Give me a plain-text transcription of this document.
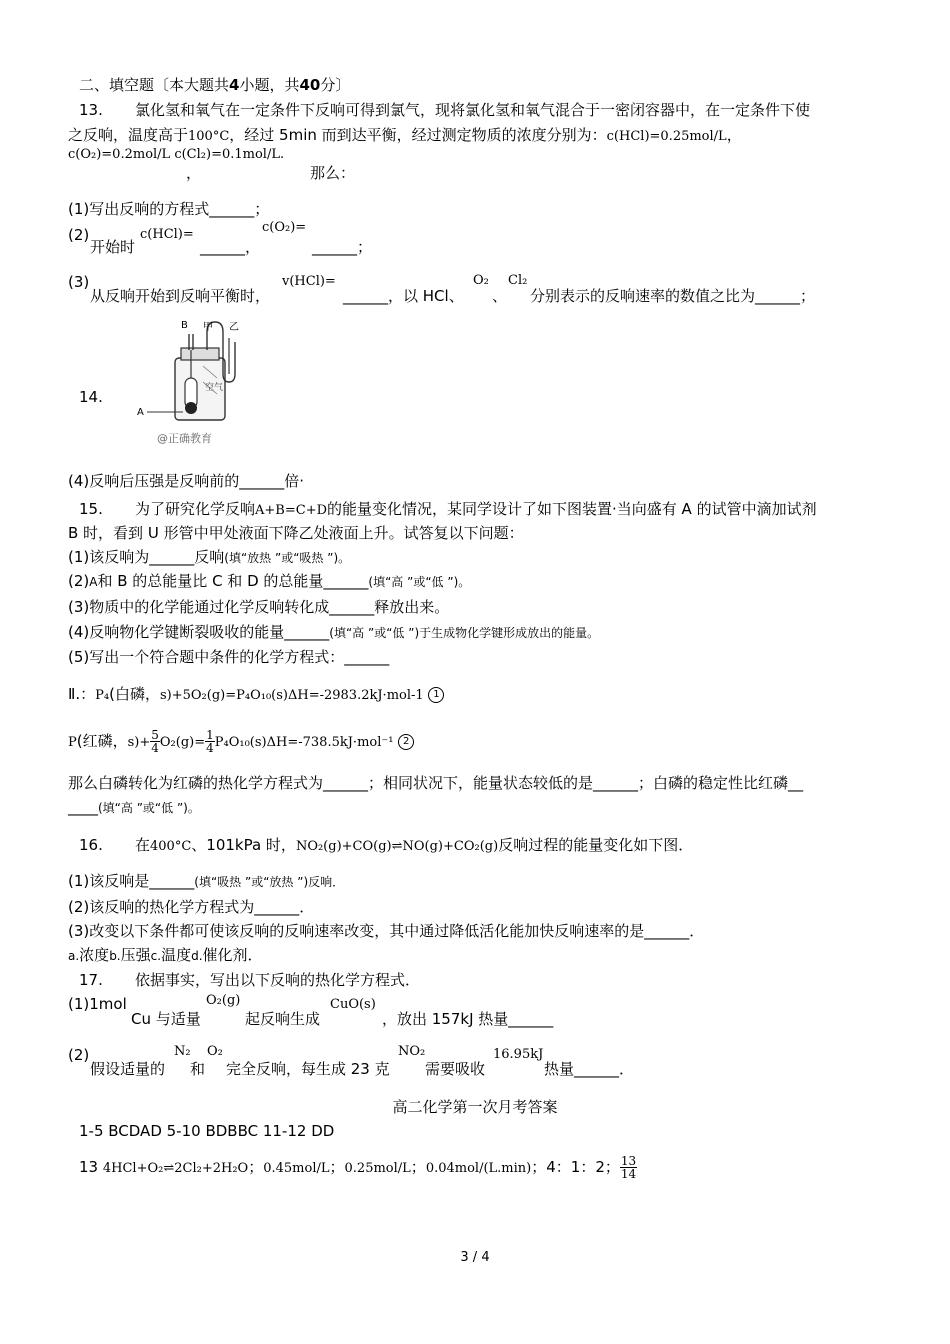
二、填空题〔本大题共4小题，共40分〕
13. 氯化氢和氧气在一定条件下反响可得到氯气，现将氯化氢和氧气混合于一密闭容器中，在一定条件下使
之反响，温度高于100°C，经过 5min 而到达平衡，经过测定物质的浓度分别为：c(HCl)=0.25mol/L，
c(O₂)=0.2mol/L c(Cl₂)=0.1mol/L.
，	那么：
(1)写出反响的方程式______；
(2)
开始时
c(HCl)=	c(O₂)=
______，	______；
(3)
从反响开始到反响平衡时，
v(HCl)=
______，以 HCl、
O₂
、
Cl₂
分别表示的反响速率的数值之比为______；
14.
B 甲 乙
A
空气
@正确教育
(4)反响后压强是反响前的______倍·
15. 为了研究化学反响A+B=C+D的能量变化情况，某同学设计了如下图装置·当向盛有 A 的试管中滴加试剂
B 时，看到 U 形管中甲处液面下降乙处液面上升。试答复以下问题：
(1)该反响为______反响(填“放热 ”或“吸热 ”)。
(2)A和 B 的总能量比 C 和 D 的总能量______(填“高 ”或“低 ”)。
(3)物质中的化学能通过化学反响转化成______释放出来。
(4)反响物化学键断裂吸收的能量______(填“高 ”或“低 ”)于生成物化学键形成放出的能量。
(5)写出一个符合题中条件的化学方程式：______
Ⅱ.：P₄(白磷，s)+5O₂(g)=P₄O₁₀(s)ΔH=-2983.2kJ·mol-1 1
P(红磷，$s)+ \frac{5}{4} O_2(g)= \frac{1}{4} P_4O_{10}(s)\Delta H=-738.5kJ\cdot mol^{-1}$ 2
那么白磷转化为红磷的热化学方程式为______；相同状况下，能量状态较低的是______；白磷的稳定性比红磷__
____(填“高 ”或“低 ”)。
16. 在400°C、101kPa 时，NO₂(g)+CO(g)⇌NO(g)+CO₂(g)反响过程的能量变化如下图．
(1)该反响是______(填“吸热 ”或“放热 ”)反响．
(2)该反响的热化学方程式为______．
(3)改变以下条件都可使该反响的反响速率改变，其中通过降低活化能加快反响速率的是______．
a.浓度b.压强c.温度d.催化剂．
17. 依据事实，写出以下反响的热化学方程式．
(1)1mol
Cu 与适量
O₂(g)
起反响生成
CuO(s)
，放出 157kJ 热量______
(2)
假设适量的
N₂
和
O₂
完全反响，每生成 23 克
NO₂
需要吸收
16.95kJ
热量______．
高二化学第一次月考答案
1-5 BCDAD 5-10 BDBBC 11-12 DD
13 4HCl+O₂⇌2Cl₂+2H₂O；0.45mol/L；0.25mol/L；0.04mol/(L.min)；4：1：2； $\frac{13}{14}$
3 / 4
